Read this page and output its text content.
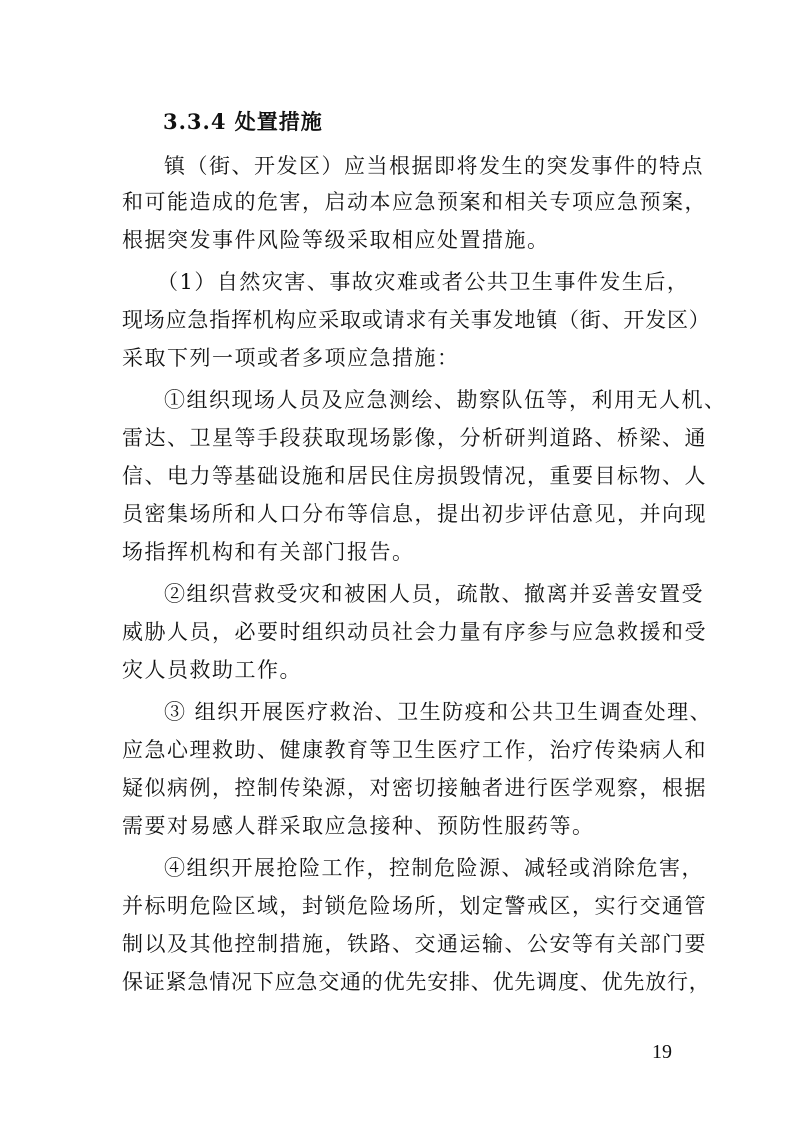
3.3.4 处置措施

镇（街、开发区）应当根据即将发生的突发事件的特点

和可能造成的危害，启动本应急预案和相关专项应急预案，

根据突发事件风险等级采取相应处置措施。

（1）自然灾害、事故灾难或者公共卫生事件发生后，

现场应急指挥机构应采取或请求有关事发地镇（街、开发区）

采取下列一项或者多项应急措施：

①组织现场人员及应急测绘、勘察队伍等，利用无人机、

雷达、卫星等手段获取现场影像，分析研判道路、桥梁、通

信、电力等基础设施和居民住房损毁情况，重要目标物、人

员密集场所和人口分布等信息，提出初步评估意见，并向现

场指挥机构和有关部门报告。

②组织营救受灾和被困人员，疏散、撤离并妥善安置受

威胁人员，必要时组织动员社会力量有序参与应急救援和受

灾人员救助工作。

③ 组织开展医疗救治、卫生防疫和公共卫生调查处理、

应急心理救助、健康教育等卫生医疗工作，治疗传染病人和

疑似病例，控制传染源，对密切接触者进行医学观察，根据

需要对易感人群采取应急接种、预防性服药等。

④组织开展抢险工作，控制危险源、减轻或消除危害，

并标明危险区域，封锁危险场所，划定警戒区，实行交通管

制以及其他控制措施，铁路、交通运输、公安等有关部门要

保证紧急情况下应急交通的优先安排、优先调度、优先放行，

19
